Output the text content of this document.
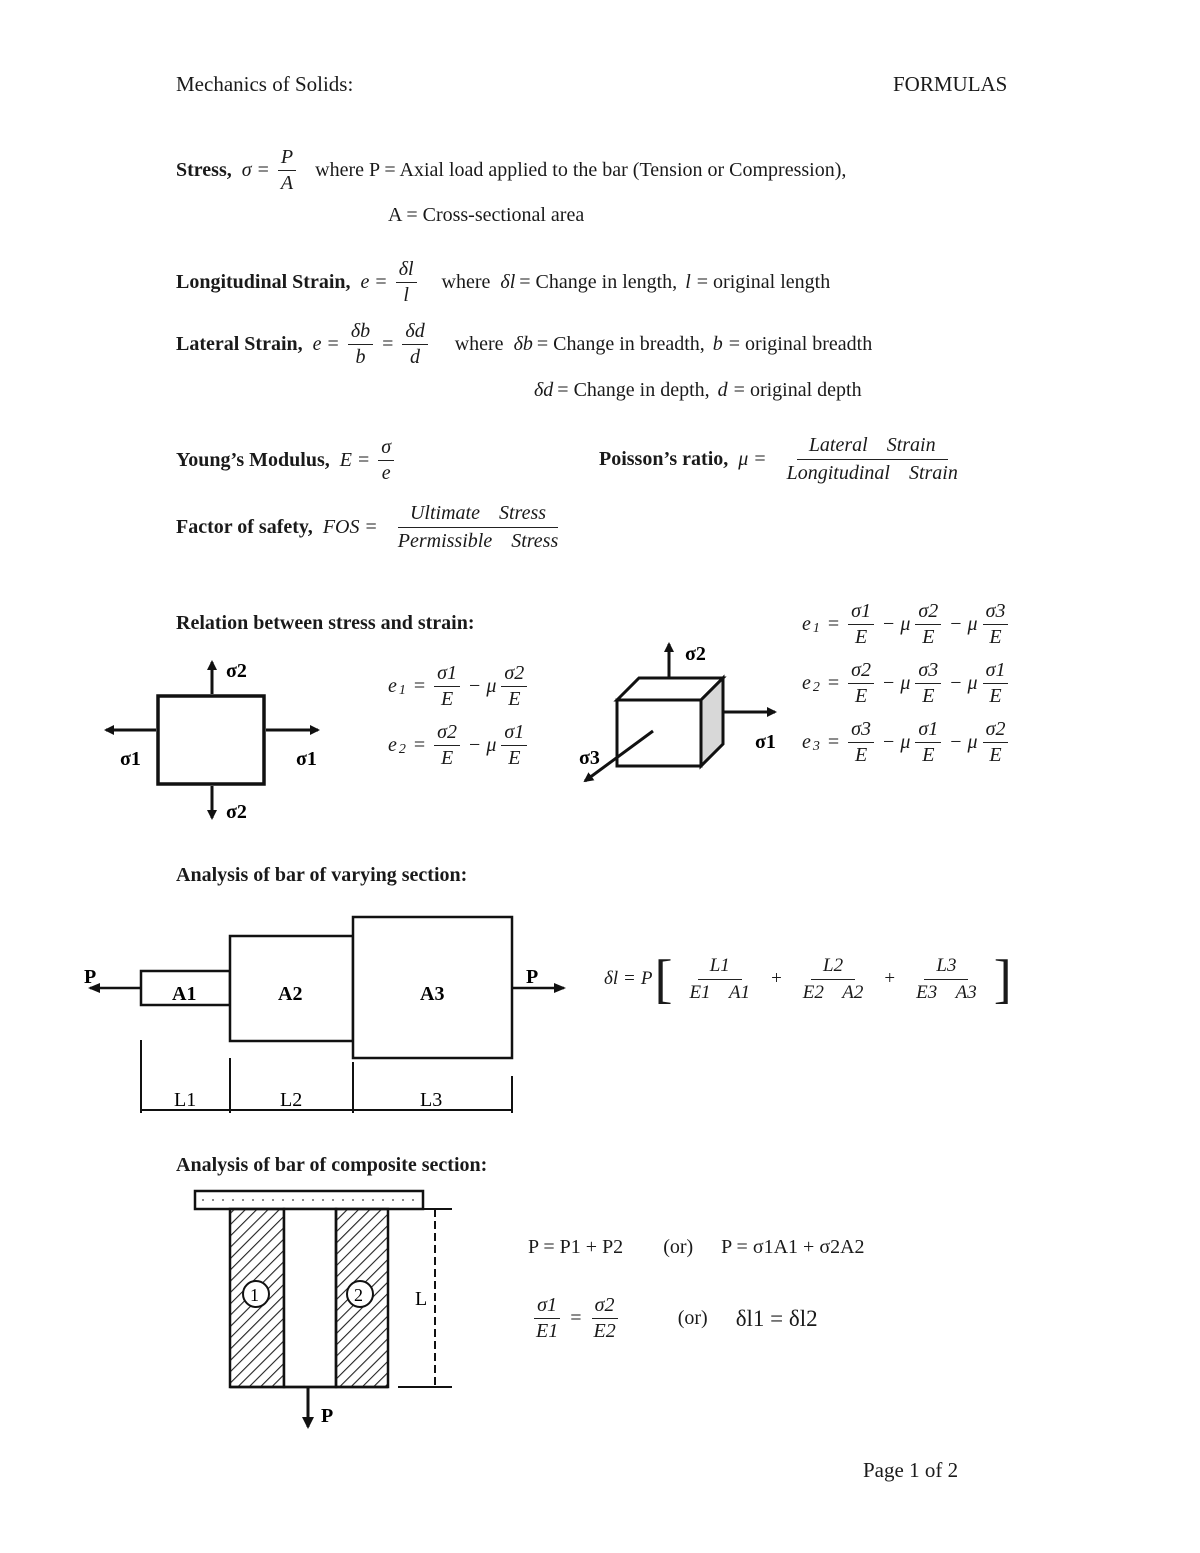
Mechanics of Solids:	FORMULAS
Stress, $\sigma = \frac{P}{A}$ where P = Axial load applied to the bar (Tension or Compression),
A = Cross-sectional area
Longitudinal Strain, $e = \frac{\delta l}{l}$ where δl = Change in length, l = original length
Lateral Strain, $e = \frac{\delta b}{b} = \frac{\delta d}{d}$ where δb = Change in breadth, b = original breadth
δd = Change in depth, d = original depth
Young’s Modulus, $E = \frac{\sigma}{e}$	Poisson’s ratio, $\mu = \frac{\text{Lateral Strain}}{\text{Longitudinal Strain}}$
Factor of safety, FOS = $\frac{\text{Ultimate Stress}}{\text{Permissible Stress}}$
Relation between stress and strain:
σ2
σ2
σ1	σ1
e $1 = \frac{\sigma 1}{E} - \mu \frac{\sigma 2}{E}$
e $2 = \frac{\sigma 2}{E} - \mu \frac{\sigma 1}{E}$
σ2
σ1
σ3
e $1 = \frac{\sigma 1}{E} - \mu \frac{\sigma 2}{E} - \mu \frac{\sigma 3}{E}$
e $2 = \frac{\sigma 2}{E} - \mu \frac{\sigma 3}{E} - \mu \frac{\sigma 1}{E}$
e $3 = \frac{\sigma 3}{E} - \mu \frac{\sigma 1}{E} - \mu \frac{\sigma 2}{E}$
Analysis of bar of varying section:
P	P
A1	A2	A3
L1	L2	L3
δl = P [ $\frac{L1}{E1 A1} + \frac{L2}{E2 A2} + \frac{L3}{E3 A3}$ ]
Analysis of bar of composite section:
1	2	L
P
P = P1 + P2 (or) P = σ1A1 + σ2A2
$\frac{\sigma 1}{E1} = \frac{\sigma 2}{E2}$	(or) δl1 = δl2
Page 1 of 2
